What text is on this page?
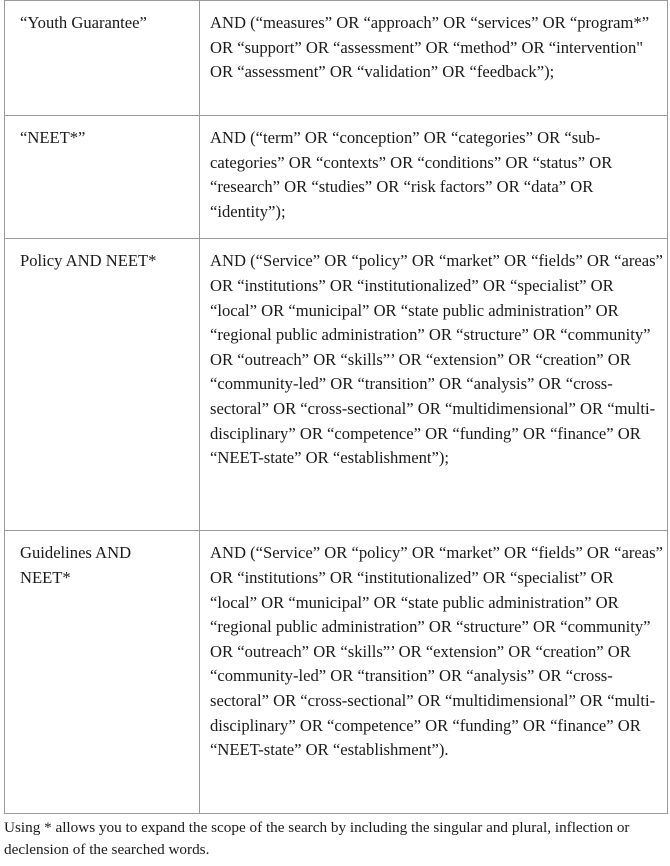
“Youth Guarantee”	AND (“measures” OR “approach” OR “services” OR “program*” OR “support” OR “assessment” OR “method” OR “intervention" OR “assessment” OR “validation” OR “feedback”);
“NEET*”	AND (“term” OR “conception” OR “categories” OR “sub-categories” OR “contexts” OR “conditions” OR “status” OR “research” OR “studies” OR “risk factors” OR “data” OR “identity”);
Policy AND NEET*	AND (“Service” OR “policy” OR “market” OR “fields” OR “areas” OR “institutions” OR “institutionalized” OR “specialist” OR “local” OR “municipal” OR “state public administration” OR “regional public administration” OR “structure” OR “community” OR “outreach” OR “skills”’ OR “extension” OR “creation” OR “community-led” OR “transition” OR “analysis” OR “cross- sectoral” OR “cross-sectional” OR “multidimensional” OR “multi-disciplinary” OR “competence” OR “funding” OR “finance” OR “NEET-state” OR “establishment”);
Guidelines AND NEET*	AND (“Service” OR “policy” OR “market” OR “fields” OR “areas” OR “institutions” OR “institutionalized” OR “specialist” OR “local” OR “municipal” OR “state public administration” OR “regional public administration” OR “structure” OR “community” OR “outreach” OR “skills”’ OR “extension” OR “creation” OR “community-led” OR “transition” OR “analysis” OR “cross- sectoral” OR “cross-sectional” OR “multidimensional” OR “multi-disciplinary” OR “competence” OR “funding” OR “finance” OR “NEET-state” OR “establishment”).
Using * allows you to expand the scope of the search by including the singular and plural, inflection or declension of the searched words.
